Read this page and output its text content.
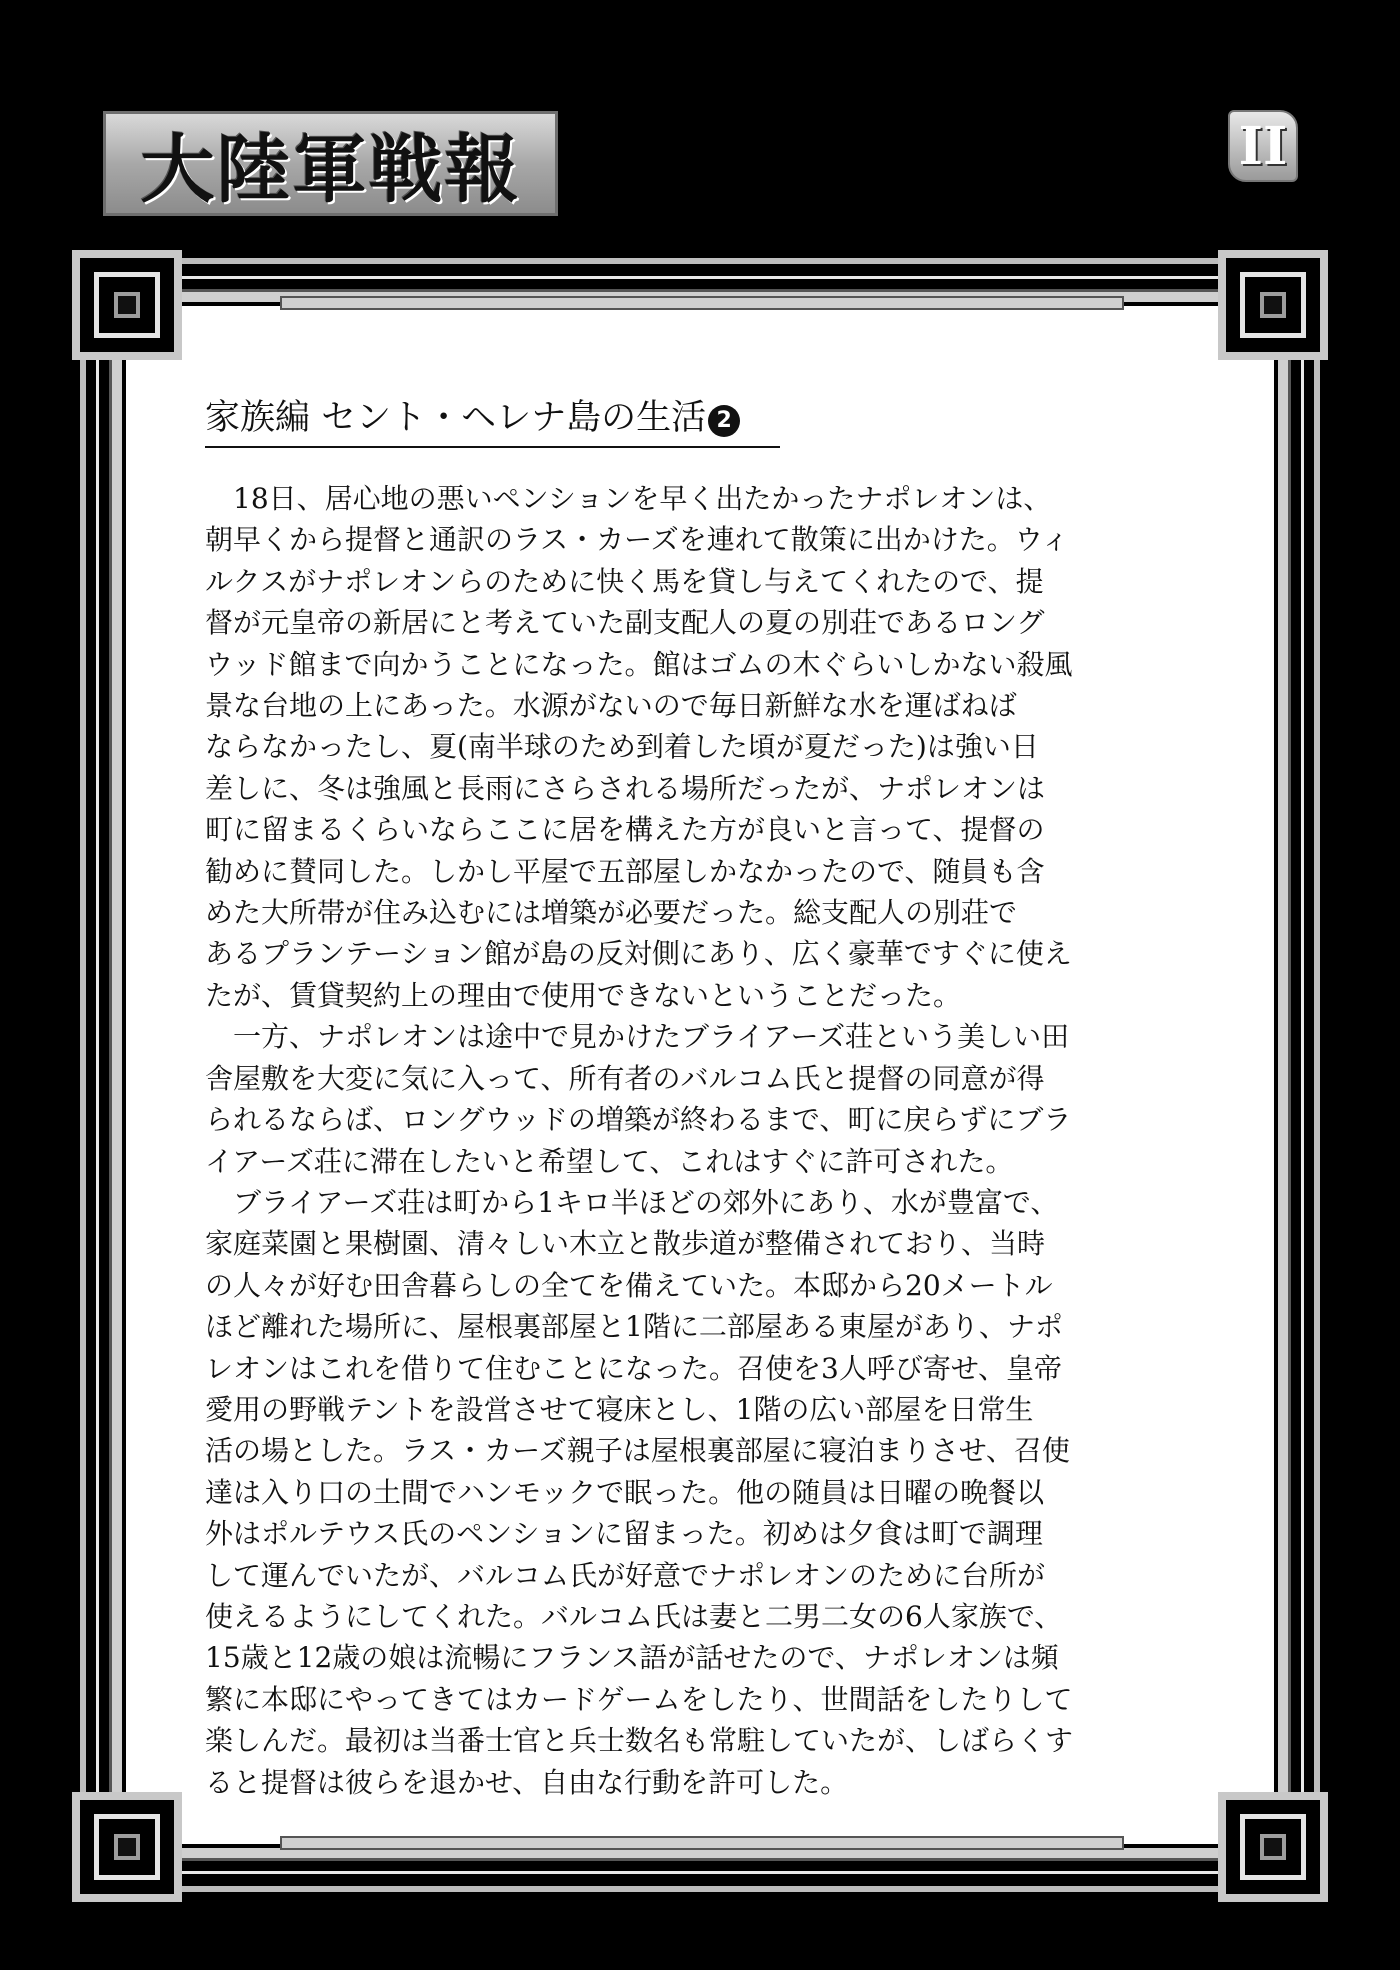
大陸軍戦報	II
家族編 セント・ヘレナ島の生活 2
　18日、居心地の悪いペンションを早く出たかったナポレオンは、
朝早くから提督と通訳のラス・カーズを連れて散策に出かけた。ウィ
ルクスがナポレオンらのために快く馬を貸し与えてくれたので、提
督が元皇帝の新居にと考えていた副支配人の夏の別荘であるロング
ウッド館まで向かうことになった。館はゴムの木ぐらいしかない殺風
景な台地の上にあった。水源がないので毎日新鮮な水を運ばねば
ならなかったし、夏(南半球のため到着した頃が夏だった)は強い日
差しに、冬は強風と長雨にさらされる場所だったが、ナポレオンは
町に留まるくらいならここに居を構えた方が良いと言って、提督の
勧めに賛同した。しかし平屋で五部屋しかなかったので、随員も含
めた大所帯が住み込むには増築が必要だった。総支配人の別荘で
あるプランテーション館が島の反対側にあり、広く豪華ですぐに使え
たが、賃貸契約上の理由で使用できないということだった。
　一方、ナポレオンは途中で見かけたブライアーズ荘という美しい田
舎屋敷を大変に気に入って、所有者のバルコム氏と提督の同意が得
られるならば、ロングウッドの増築が終わるまで、町に戻らずにブラ
イアーズ荘に滞在したいと希望して、これはすぐに許可された。
　ブライアーズ荘は町から1キロ半ほどの郊外にあり、水が豊富で、
家庭菜園と果樹園、清々しい木立と散歩道が整備されており、当時
の人々が好む田舎暮らしの全てを備えていた。本邸から20メートル
ほど離れた場所に、屋根裏部屋と1階に二部屋ある東屋があり、ナポ
レオンはこれを借りて住むことになった。召使を3人呼び寄せ、皇帝
愛用の野戦テントを設営させて寝床とし、1階の広い部屋を日常生
活の場とした。ラス・カーズ親子は屋根裏部屋に寝泊まりさせ、召使
達は入り口の土間でハンモックで眠った。他の随員は日曜の晩餐以
外はポルテウス氏のペンションに留まった。初めは夕食は町で調理
して運んでいたが、バルコム氏が好意でナポレオンのために台所が
使えるようにしてくれた。バルコム氏は妻と二男二女の6人家族で、
15歳と12歳の娘は流暢にフランス語が話せたので、ナポレオンは頻
繁に本邸にやってきてはカードゲームをしたり、世間話をしたりして
楽しんだ。最初は当番士官と兵士数名も常駐していたが、しばらくす
ると提督は彼らを退かせ、自由な行動を許可した。
